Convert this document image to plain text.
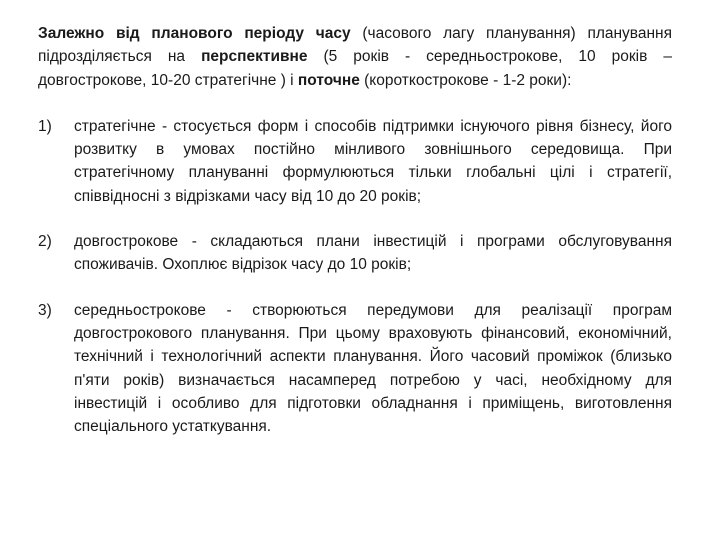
Залежно від планового періоду часу (часового лагу планування) планування підрозділяється на перспективне (5 років - середньострокове, 10 років – довгострокове, 10-20 стратегічне ) і поточне (короткострокове - 1-2 роки):

1) стратегічне - стосується форм і способів підтримки існуючого рівня бізнесу, його розвитку в умовах постійно мінливого зовнішнього середовища. При стратегічному плануванні формулюються тільки глобальні цілі і стратегії, співвідносні з відрізками часу від 10 до 20 років;

2) довгострокове - складаються плани інвестицій і програми обслуговування споживачів. Охоплює відрізок часу до 10 років;

3) середньострокове - створюються передумови для реалізації програм довгострокового планування. При цьому враховують фінансовий, економічний, технічний і технологічний аспекти планування. Його часовий проміжок (близько п'яти років) визначається насамперед потребою у часі, необхідному для інвестицій і особливо для підготовки обладнання і приміщень, виготовлення спеціального устаткування.
